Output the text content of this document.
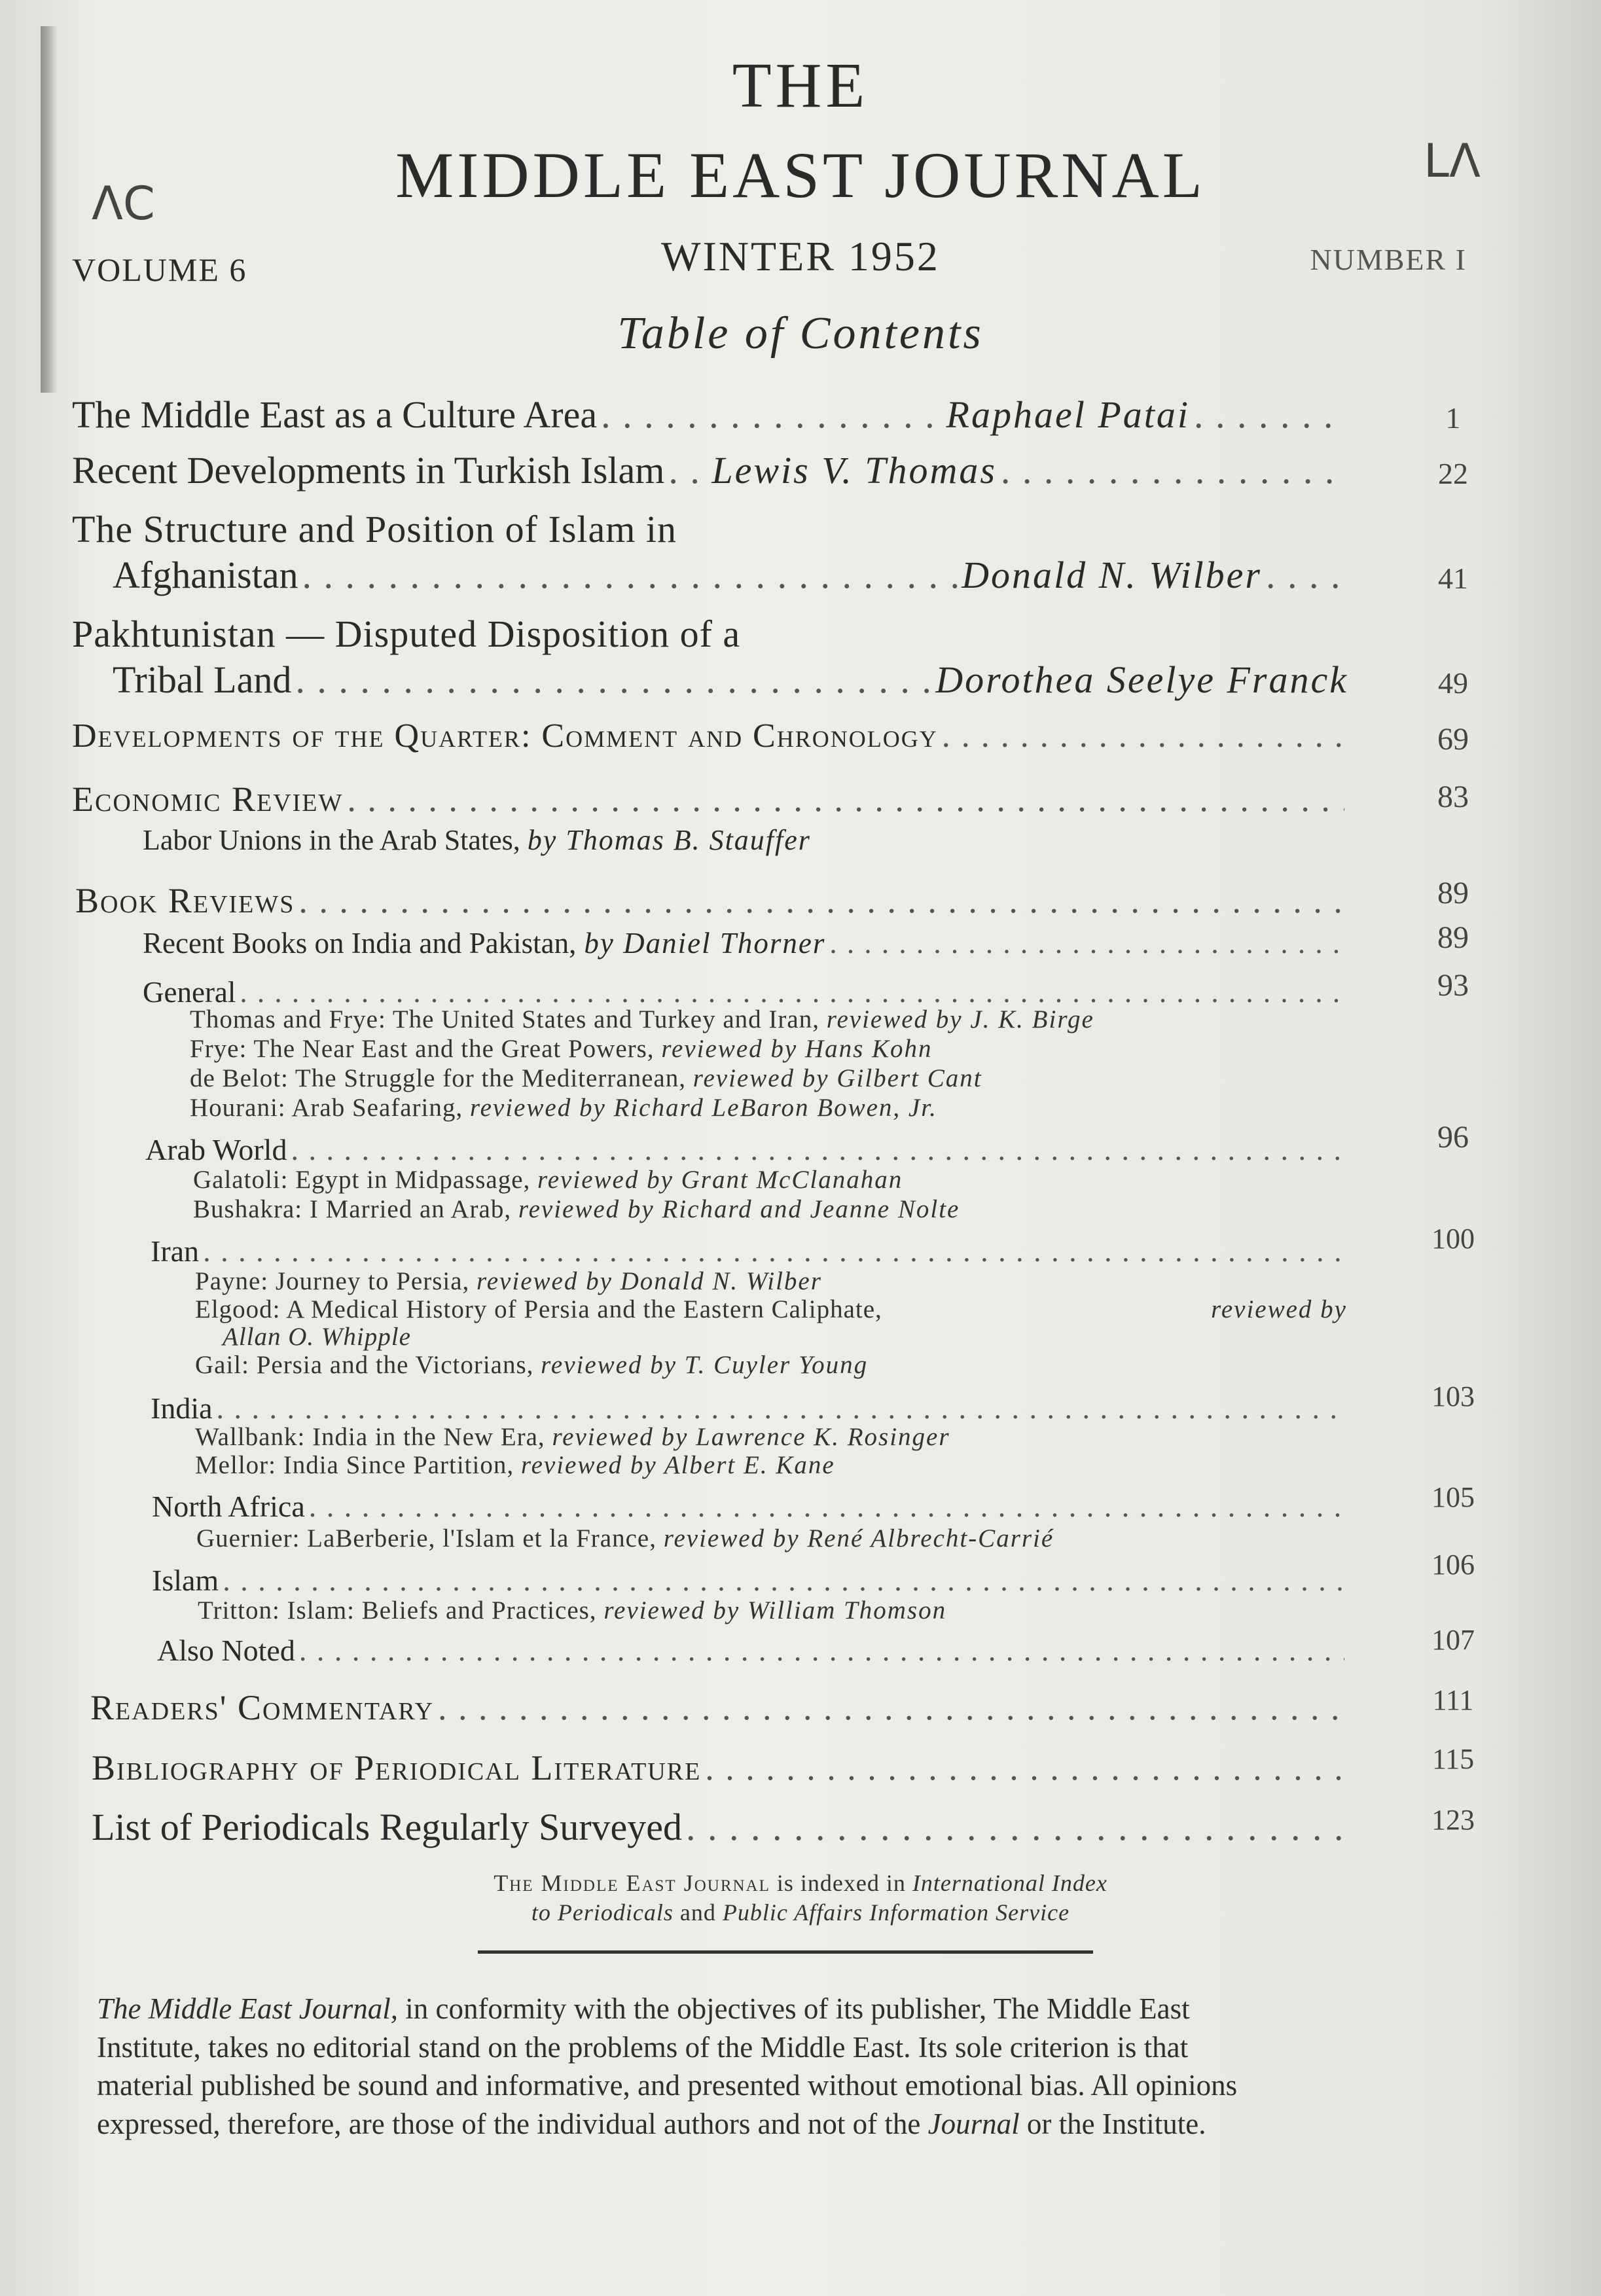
ΛC
LΛ
THE
MIDDLE EAST JOURNAL
VOLUME 6	WINTER 1952	NUMBER I
Table of Contents
The Middle East as a Culture Area . . .	Raphael Patai . . .	1
Recent Developments in Turkish Islam . . . Lewis V. Thomas . . .	22
The Structure and Position of Islam in
Afghanistan . . .	Donald N. Wilber . . .	41
Pakhtunistan — Disputed Disposition of a
Tribal Land . . .	Dorothea Seelye Franck	49
Developments of the Quarter: Comment and Chronology . . .	69
Economic Review . . .	83
Labor Unions in the Arab States, by Thomas B. Stauffer
Book Reviews . . .	89
Recent Books on India and Pakistan, by Daniel Thorner . . .	89
General . . .	93
Thomas and Frye: The United States and Turkey and Iran, reviewed by J. K. Birge
Frye: The Near East and the Great Powers, reviewed by Hans Kohn
de Belot: The Struggle for the Mediterranean, reviewed by Gilbert Cant
Hourani: Arab Seafaring, reviewed by Richard LeBaron Bowen, Jr.
Arab World . . .	96
Galatoli: Egypt in Midpassage, reviewed by Grant McClanahan
Bushakra: I Married an Arab, reviewed by Richard and Jeanne Nolte
Iran . . .	100
Payne: Journey to Persia, reviewed by Donald N. Wilber
Elgood: A Medical History of Persia and the Eastern Caliphate,	reviewed by
Allan O. Whipple
Gail: Persia and the Victorians, reviewed by T. Cuyler Young
India . . .	103
Wallbank: India in the New Era, reviewed by Lawrence K. Rosinger
Mellor: India Since Partition, reviewed by Albert E. Kane
North Africa . . .	105
Guernier: LaBerberie, l'Islam et la France, reviewed by René Albrecht-Carrié
Islam . . .	106
Tritton: Islam: Beliefs and Practices, reviewed by William Thomson
Also Noted . . .	107
Readers' Commentary . . .	111
Bibliography of Periodical Literature . . .	115
List of Periodicals Regularly Surveyed . . .	123
The Middle East Journal is indexed in International Index
to Periodicals and Public Affairs Information Service
The Middle East Journal, in conformity with the objectives of its publisher, The Middle East
Institute, takes no editorial stand on the problems of the Middle East. Its sole criterion is that
material published be sound and informative, and presented without emotional bias. All opinions
expressed, therefore, are those of the individual authors and not of the Journal or the Institute.
